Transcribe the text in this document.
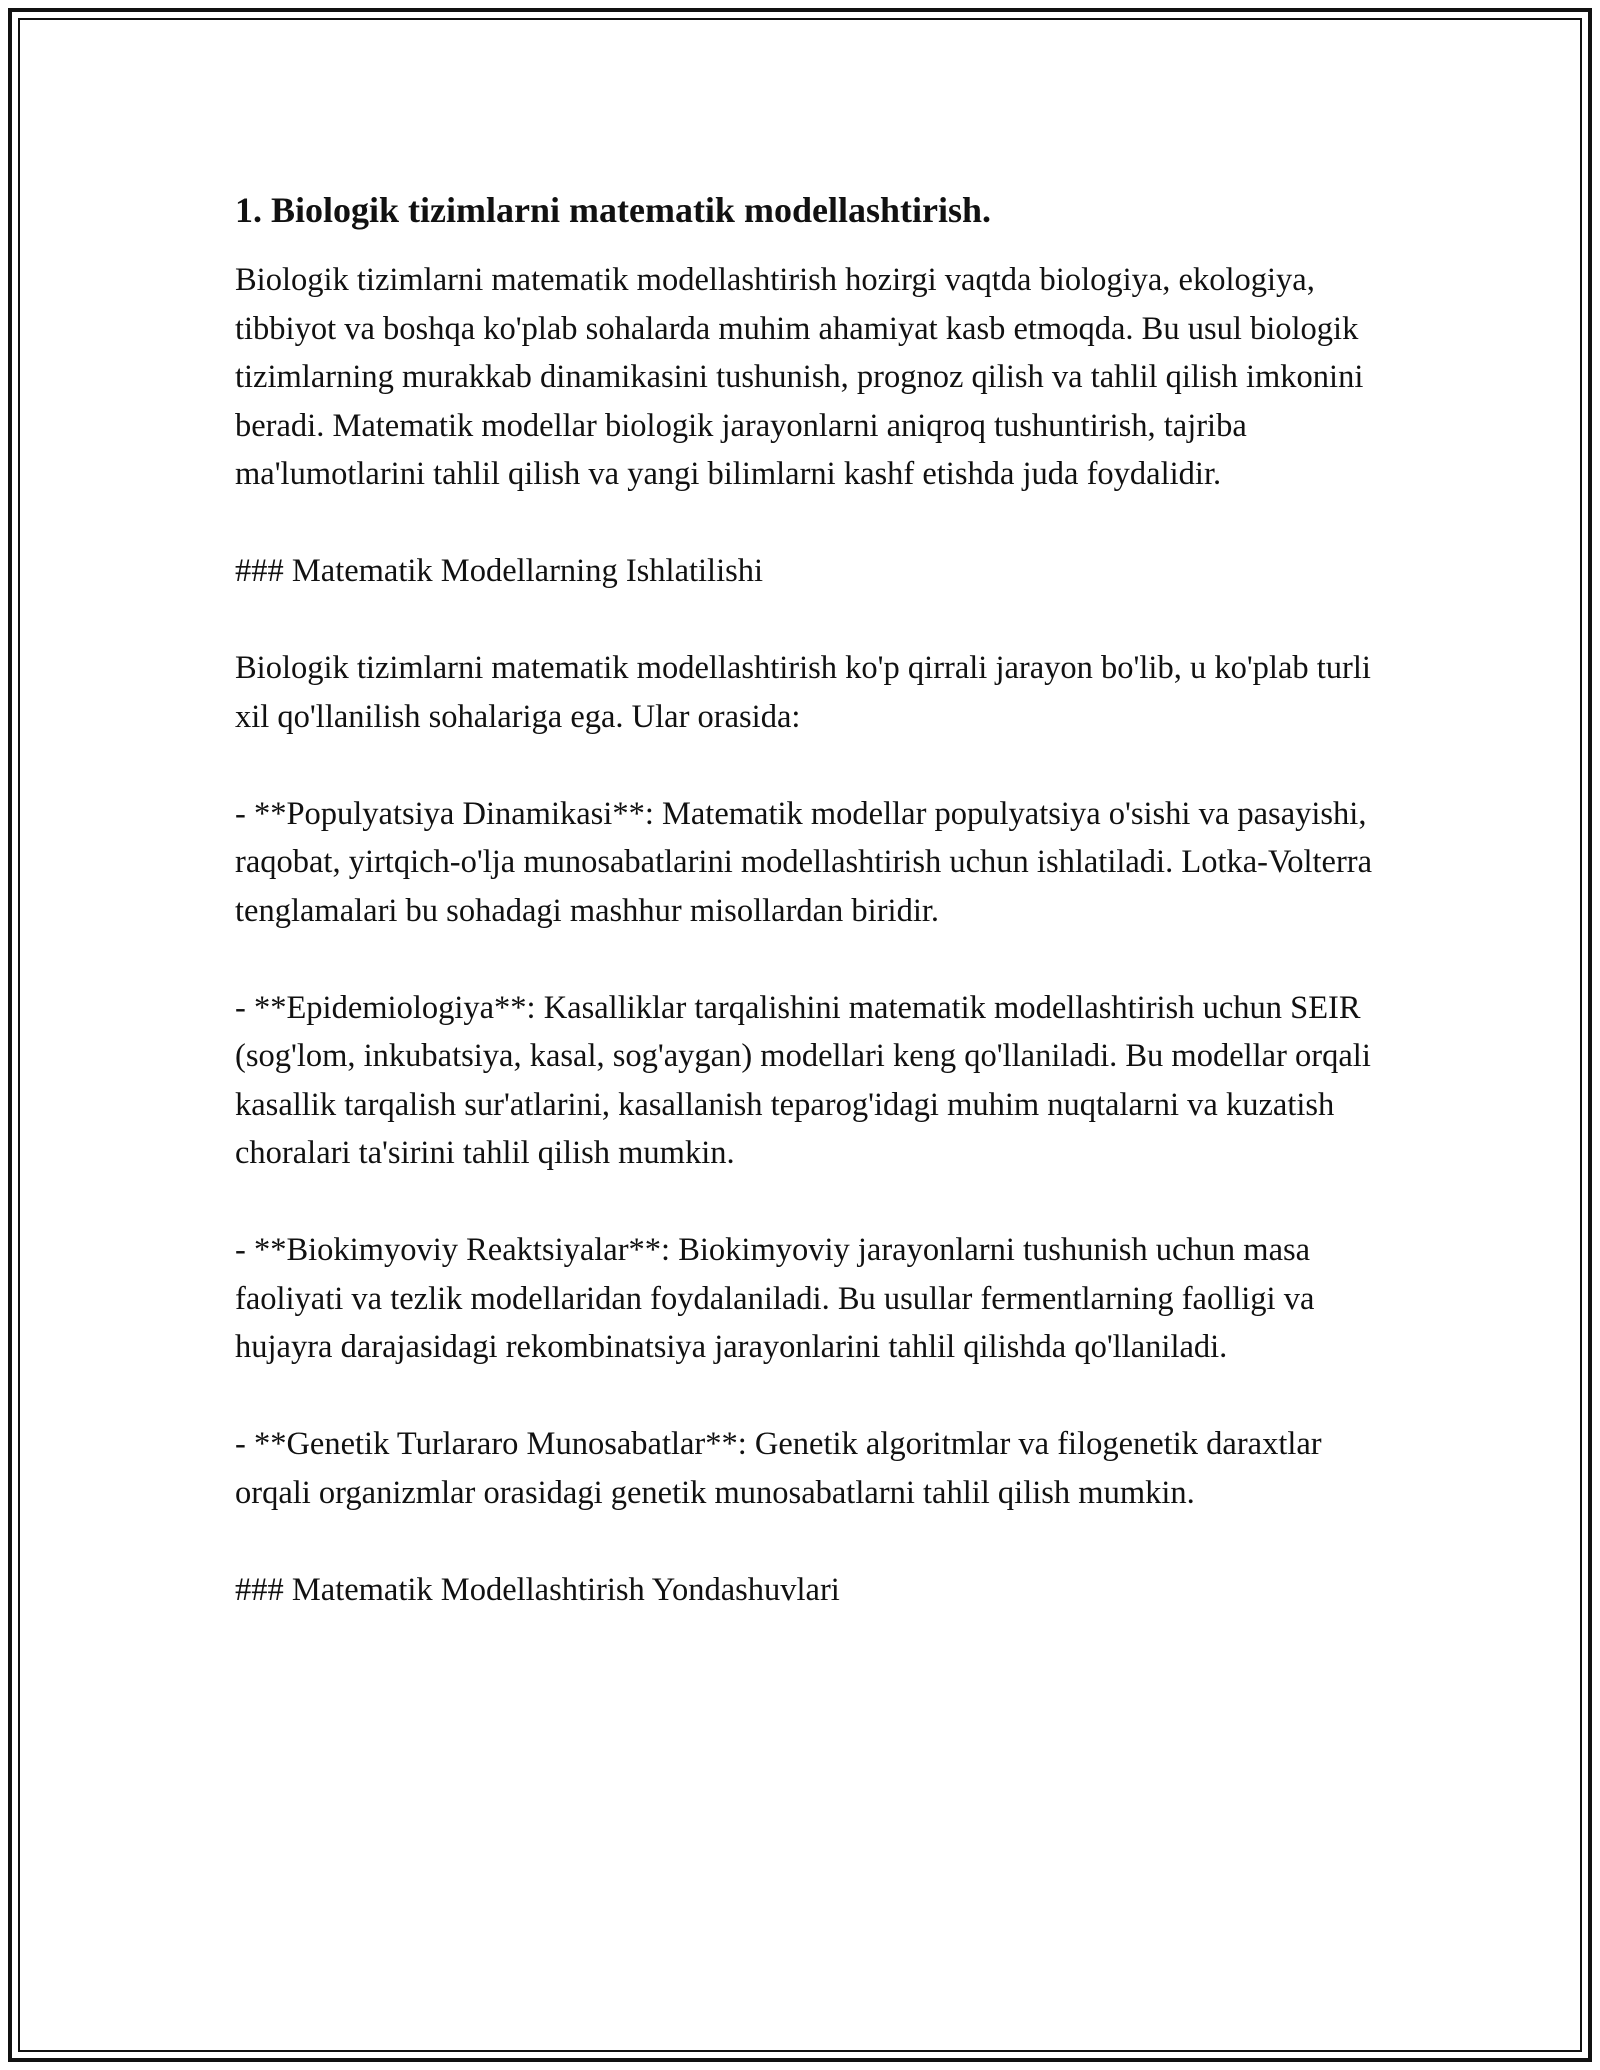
1. Biologik tizimlarni matematik modellashtirish.
Biologik tizimlarni matematik modellashtirish hozirgi vaqtda biologiya, ekologiya, tibbiyot va boshqa ko'plab sohalarda muhim ahamiyat kasb etmoqda. Bu usul biologik tizimlarning murakkab dinamikasini tushunish, prognoz qilish va tahlil qilish imkonini beradi. Matematik modellar biologik jarayonlarni aniqroq tushuntirish, tajriba ma'lumotlarini tahlil qilish va yangi bilimlarni kashf etishda juda foydalidir.
### Matematik Modellarning Ishlatilishi
Biologik tizimlarni matematik modellashtirish ko'p qirrali jarayon bo'lib, u ko'plab turli xil qo'llanilish sohalariga ega. Ular orasida:
- **Populyatsiya Dinamikasi**: Matematik modellar populyatsiya o'sishi va pasayishi, raqobat, yirtqich-o'lja munosabatlarini modellashtirish uchun ishlatiladi. Lotka-Volterra tenglamalari bu sohadagi mashhur misollardan biridir.
- **Epidemiologiya**: Kasalliklar tarqalishini matematik modellashtirish uchun SEIR (sog'lom, inkubatsiya, kasal, sog'aygan) modellari keng qo'llaniladi. Bu modellar orqali kasallik tarqalish sur'atlarini, kasallanish teparog'idagi muhim nuqtalarni va kuzatish choralari ta'sirini tahlil qilish mumkin.
- **Biokimyoviy Reaktsiyalar**: Biokimyoviy jarayonlarni tushunish uchun masa faoliyati va tezlik modellaridan foydalaniladi. Bu usullar fermentlarning faolligi va hujayra darajasidagi rekombinatsiya jarayonlarini tahlil qilishda qo'llaniladi.
- **Genetik Turlararo Munosabatlar**: Genetik algoritmlar va filogenetik daraxtlar orqali organizmlar orasidagi genetik munosabatlarni tahlil qilish mumkin.
### Matematik Modellashtirish Yondashuvlari
